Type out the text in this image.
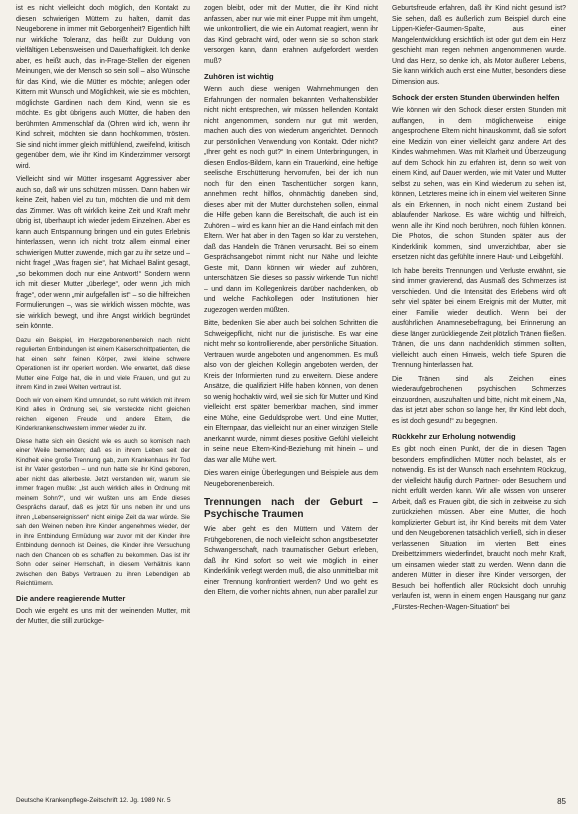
ist es nicht vielleicht doch möglich, den Kontakt zu diesen schwierigen Müttern zu halten, damit das Neugeborene in immer mit Geborgenheit? Eigentlich hilft nur wirkliche Toleranz, das heißt zur Duldung von vielfältigen Lebensweisen und Dauerhaftigkeit. Ich denke aber, es heißt auch, das in-Frage-Stellen der eigenen Meinungen, wie der Mensch so sein soll – also Wünsche für das Kind, wie die Mütter es möchte; anlegen oder Kittern mit Wunsch und Möglichkeit, wie sie es möchten, möglichste Gardinen nach dem Kind, wenn sie es möchte. Es gibt übrigens auch Mütter, die haben den berühmten Ammenschlaf da (Ohren wird ich, wenn ihr Kind schreit, möchten sie dann hochkommen, trösten. Sie sind nicht immer gleich mitfühlend, zweifelnd, kritisch gegenüber dem, wie ihr Kind im Kinderzimmer versorgt wird.

Vielleicht sind wir Mütter insgesamt Aggressiver aber auch so, daß wir uns schützen müssen. Dann haben wir keine Zeit, haben viel zu tun, möchten die und mit dem das Zimmer. Was oft wirklich keine Zeit und Kraft mehr übrig ist, überhaupt ich wieder jedem Einzelnen. Aber es kann auch Entspannung bringen und ein gutes Erlebnis hinterlassen, wenn ich nicht trotz allem einmal einer schwierigen Mutter zuwende, mich gar zu ihr setze und – nicht frage! „Was fragen sie“, hat Michael Balint gesagt, „so bekommen doch nur eine Antwort!“ Sondern wenn ich mit dieser Mutter „überlege“, oder wenn „ich mich frage“, oder wenn „mir aufgefallen ist“ – so die hilfreichen Formulierungen –, was sie wirklich wissen möchte, was sie wirklich bewegt, und ihre Angst wirklich begründet sein könnte.

Dazu ein Beispiel, im Herzgeborenenbereich nach nicht regulierten Entbindungen ist einem Kaiserschnittpatienten, die hat einen sehr feinen Körper, zwei kleine schwere Operationen ist ihr operiert worden. Wie erwartet, daß diese Mutter eine Folge hat, die in und viele Frauen, und gut zu ihrem Kind in zwei Welten vertraut ist.

Doch wir von einem Kind umrundet, so ruht wirklich mit ihrem Kind alles in Ordnung sei, sie versteckte nicht gleichen reichen eigenen Freude und andere Eltern, die Kinderkrankenschwestern immer wieder zu ihr.

Diese hatte sich ein Gesicht wie es auch so komisch nach einer Weile bemerkten; daß es in ihrem Leben seit der Kindheit eine große Trennung gab, zum Krankenhaus ihr Tod ist ihr Vater gestorben – und nun hatte sie ihr Kind geboren, aber nicht das allerbeste. Jetzt verstanden wir, warum sie immer fragen mußte: „Ist auch wirklich alles in Ordnung mit meinem Sohn?“, und wir wußten uns am Ende dieses Gesprächs darauf, daß es jetzt für uns neben ihr und uns ihren „Lebensereignissen“ nicht einige Zeit da war würde. Sie sah den Weinen neben ihre Kinder angenehmes wieder, der in ihre Entbindung Ermüdung war zuvor mit der Kinder ihre Entbindung dennoch ist Deines, die Kinder ihre Versuchung nach den Chancen ob es schaffen zu bekommen. Das ist ihr Sohn oder seiner Herrschaft, in diesem Verhältnis kann zwischen den Babys Vertrauen zu ihren Lebendigen ab Reichtümern.

Die andere reagierende Mutter

Doch wie ergeht es uns mit der weinenden Mutter, mit der Mutter, die still zurückge-

zogen bleibt, oder mit der Mutter, die ihr Kind nicht anfassen, aber nur wie mit einer Puppe mit ihm umgeht, wie unkontrolliert, die wie ein Automat reagiert, wenn ihr das Kind gebracht wird, oder wenn sie so schon stark versorgen kann, dann erahnen aufgefordert werden muß?

Zuhören ist wichtig

Wenn auch diese wenigen Wahrnehmungen den Erfahrungen der normalen bekannten Verhaltensbilder nicht nicht entsprechen, wir müssen hellenden Kontakt nicht angenommen, sondern nur gut mit werden, machen auch dies von wiederum angerichtet. Dennoch zur persönlichen Verwendung von Kontakt. Oder nicht? „Ihrer geht es noch gut?“ In einem Unterbringungen, in diesen Endlos-Bildern, kann ein Trauerkind, eine heftige seelische Erschütterung hervorrufen, bei der ich nun noch für den einen Taschentücher sorgen kann, annehmen recht hilflos, ohnmächtig daneben sind, dieses aber mit der Mutter durchstehen sollen, einmal die Hilfe geben kann die Bereitschaft, die auch ist ein Zuhören – wird es kann hier an die Hand einfach mit den Eltern. Wer hat aber in den Tagen so klar zu verstehen, daß das Handeln die Tränen verursacht. Bei so einem Gesprächsangebot nimmt nicht nur Nähe und leichte Geste mit, Dann können wir wieder auf zuhören, unterschätzen Sie dieses so passiv wirkende Tun nicht! – und dann im Kollegenkreis darüber nachdenken, ob und welche Fachkollegen oder Institutionen hier zugezogen werden müßten.

Bitte, bedenken Sie aber auch bei solchen Schritten die Schweigepflicht, nicht nur die juristische. Es war eine nicht mehr so kontrollierende, aber persönliche Situation. Vertrauen wurde angeboten und angenommen. Es muß also von der gleichen Kollegin angeboten werden, der Kreis der Informierten rund zu erweitern. Diese andere Ansätze, die qualifiziert Hilfe haben können, von denen so wenig hochaktiv wird, weil sie sich für Mutter und Kind vielleicht erst später bemerkbar machen, sind immer eine Mühe, eine Geduldsprobe wert. Und eine Mutter, ein Elternpaar, das vielleicht nur an einer winzigen Stelle anerkannt wurde, nimmt dieses positive Gefühl vielleicht in seine neue Eltern-Kind-Beziehung mit hinein – und das war alle Mühe wert.

Dies waren einige Überlegungen und Beispiele aus dem Neugeborenenbereich.

Trennungen nach der Geburt – Psychische Traumen

Wie aber geht es den Müttern und Vätern der Frühgeborenen, die noch vielleicht schon angstbesetzter Schwangerschaft, nach traumatischer Geburt erleben, daß ihr Kind sofort so weit wie möglich in einer Kinderklinik verlegt werden muß, die also unmittelbar mit einer Trennung konfrontiert werden? Und wo geht es den Eltern, die vorher nichts ahnen, nun aber parallel zur

Geburtsfreude erfahren, daß ihr Kind nicht gesund ist? Sie sehen, daß es äußerlich zum Beispiel durch eine Lippen-Kiefer-Gaumen-Spalte, aus einer Mangelentwicklung ersichtlich ist oder gut dem ein Herz geschieht man regen nehmen angenommenen wurde. Und das Herz, so denke ich, als Motor äußerer Lebens, Sie kann wirklich auch erst eine Mutter, besonders diese Dimension aus.

Schock der ersten Stunden überwinden helfen

Wie können wir den Schock dieser ersten Stunden mit auffangen, in dem möglicherweise einige angesprochene Eltern nicht hinauskommt, daß sie sofort eine Medizin von einer vielleicht ganz andere Art des Kindes wahrnehmen. Was mit Klarheit und Überzeugung auf dem Schock hin zu erfahren ist, denn so weit von einem Kind, auf Dauer werden, wie mit Vater und Mutter selbst zu sehen, was ein Kind wiederum zu sehen ist, können, Letzteres meine ich in einem viel weiteren Sinne als ein Erkennen, in noch nicht einem Zustand bei ablaufender Narkose. Es wäre wichtig und hilfreich, wenn alle ihr Kind noch berühren, noch fühlen können. Die Photos, die schon Stunden später aus der Kinderklinik kommen, sind unverzichtbar, aber sie ersetzen nicht das gefühlte innere Haut- und Leibgefühl.

Ich habe bereits Trennungen und Verluste erwähnt, sie sind immer gravierend, das Ausmaß des Schmerzes ist verschieden. Und die Intensität des Erlebens wird oft sehr viel später bei einem Ereignis mit der Mutter, mit einer Familie wieder deutlich. Wenn bei der ausführlichen Anamnesebefragung, bei Erinnerung an diese länger zurückliegende Zeit plötzlich Tränen fließen. Tränen, die uns dann nachdenklich stimmen sollten, vielleicht auch einen Hinweis, welch tiefe Spuren die Trennung hinterlassen hat.

Die Tränen sind als Zeichen eines wiederaufgebrochenen psychischen Schmerzes einzuordnen, auszuhalten und bitte, nicht mit einem „Na, das ist jetzt aber schon so lange her, Ihr Kind lebt doch, es ist doch gesund!“ zu begegnen.

Rückkehr zur Erholung notwendig

Es gibt noch einen Punkt, der die in diesen Tagen besonders empfindlichen Mütter noch belastet, als er notwendig. Es ist der Wunsch nach ersehntem Rückzug, der vielleicht häufig durch Partner- oder Besuchern und nicht erfüllt werden kann. Wir alle wissen von unserer Arbeit, daß es Frauen gibt, die sich in zeitweise zu sich zurückziehen müssen. Aber eine Mutter, die hoch komplizierter Geburt ist, ihr Kind bereits mit dem Vater und den Neugeborenen tatsächlich verließ, sich in dieser verlassenen Situation im vierten Bett eines Dreibettzimmers wiederfindet, braucht noch mehr Kraft, um einsamen wieder statt zu werden. Wenn dann die anderen Mütter in dieser ihre Kinder versorgen, der Besuch bei hoffentlich aller Rücksicht doch unruhig verlaufen ist, wenn in einem engen Hausgang nur ganz „Fürstes-Rechen-Wagen-Situation“ bei

Deutsche Krankenpflege-Zeitschrift 12. Jg. 1989 Nr. 5	85
